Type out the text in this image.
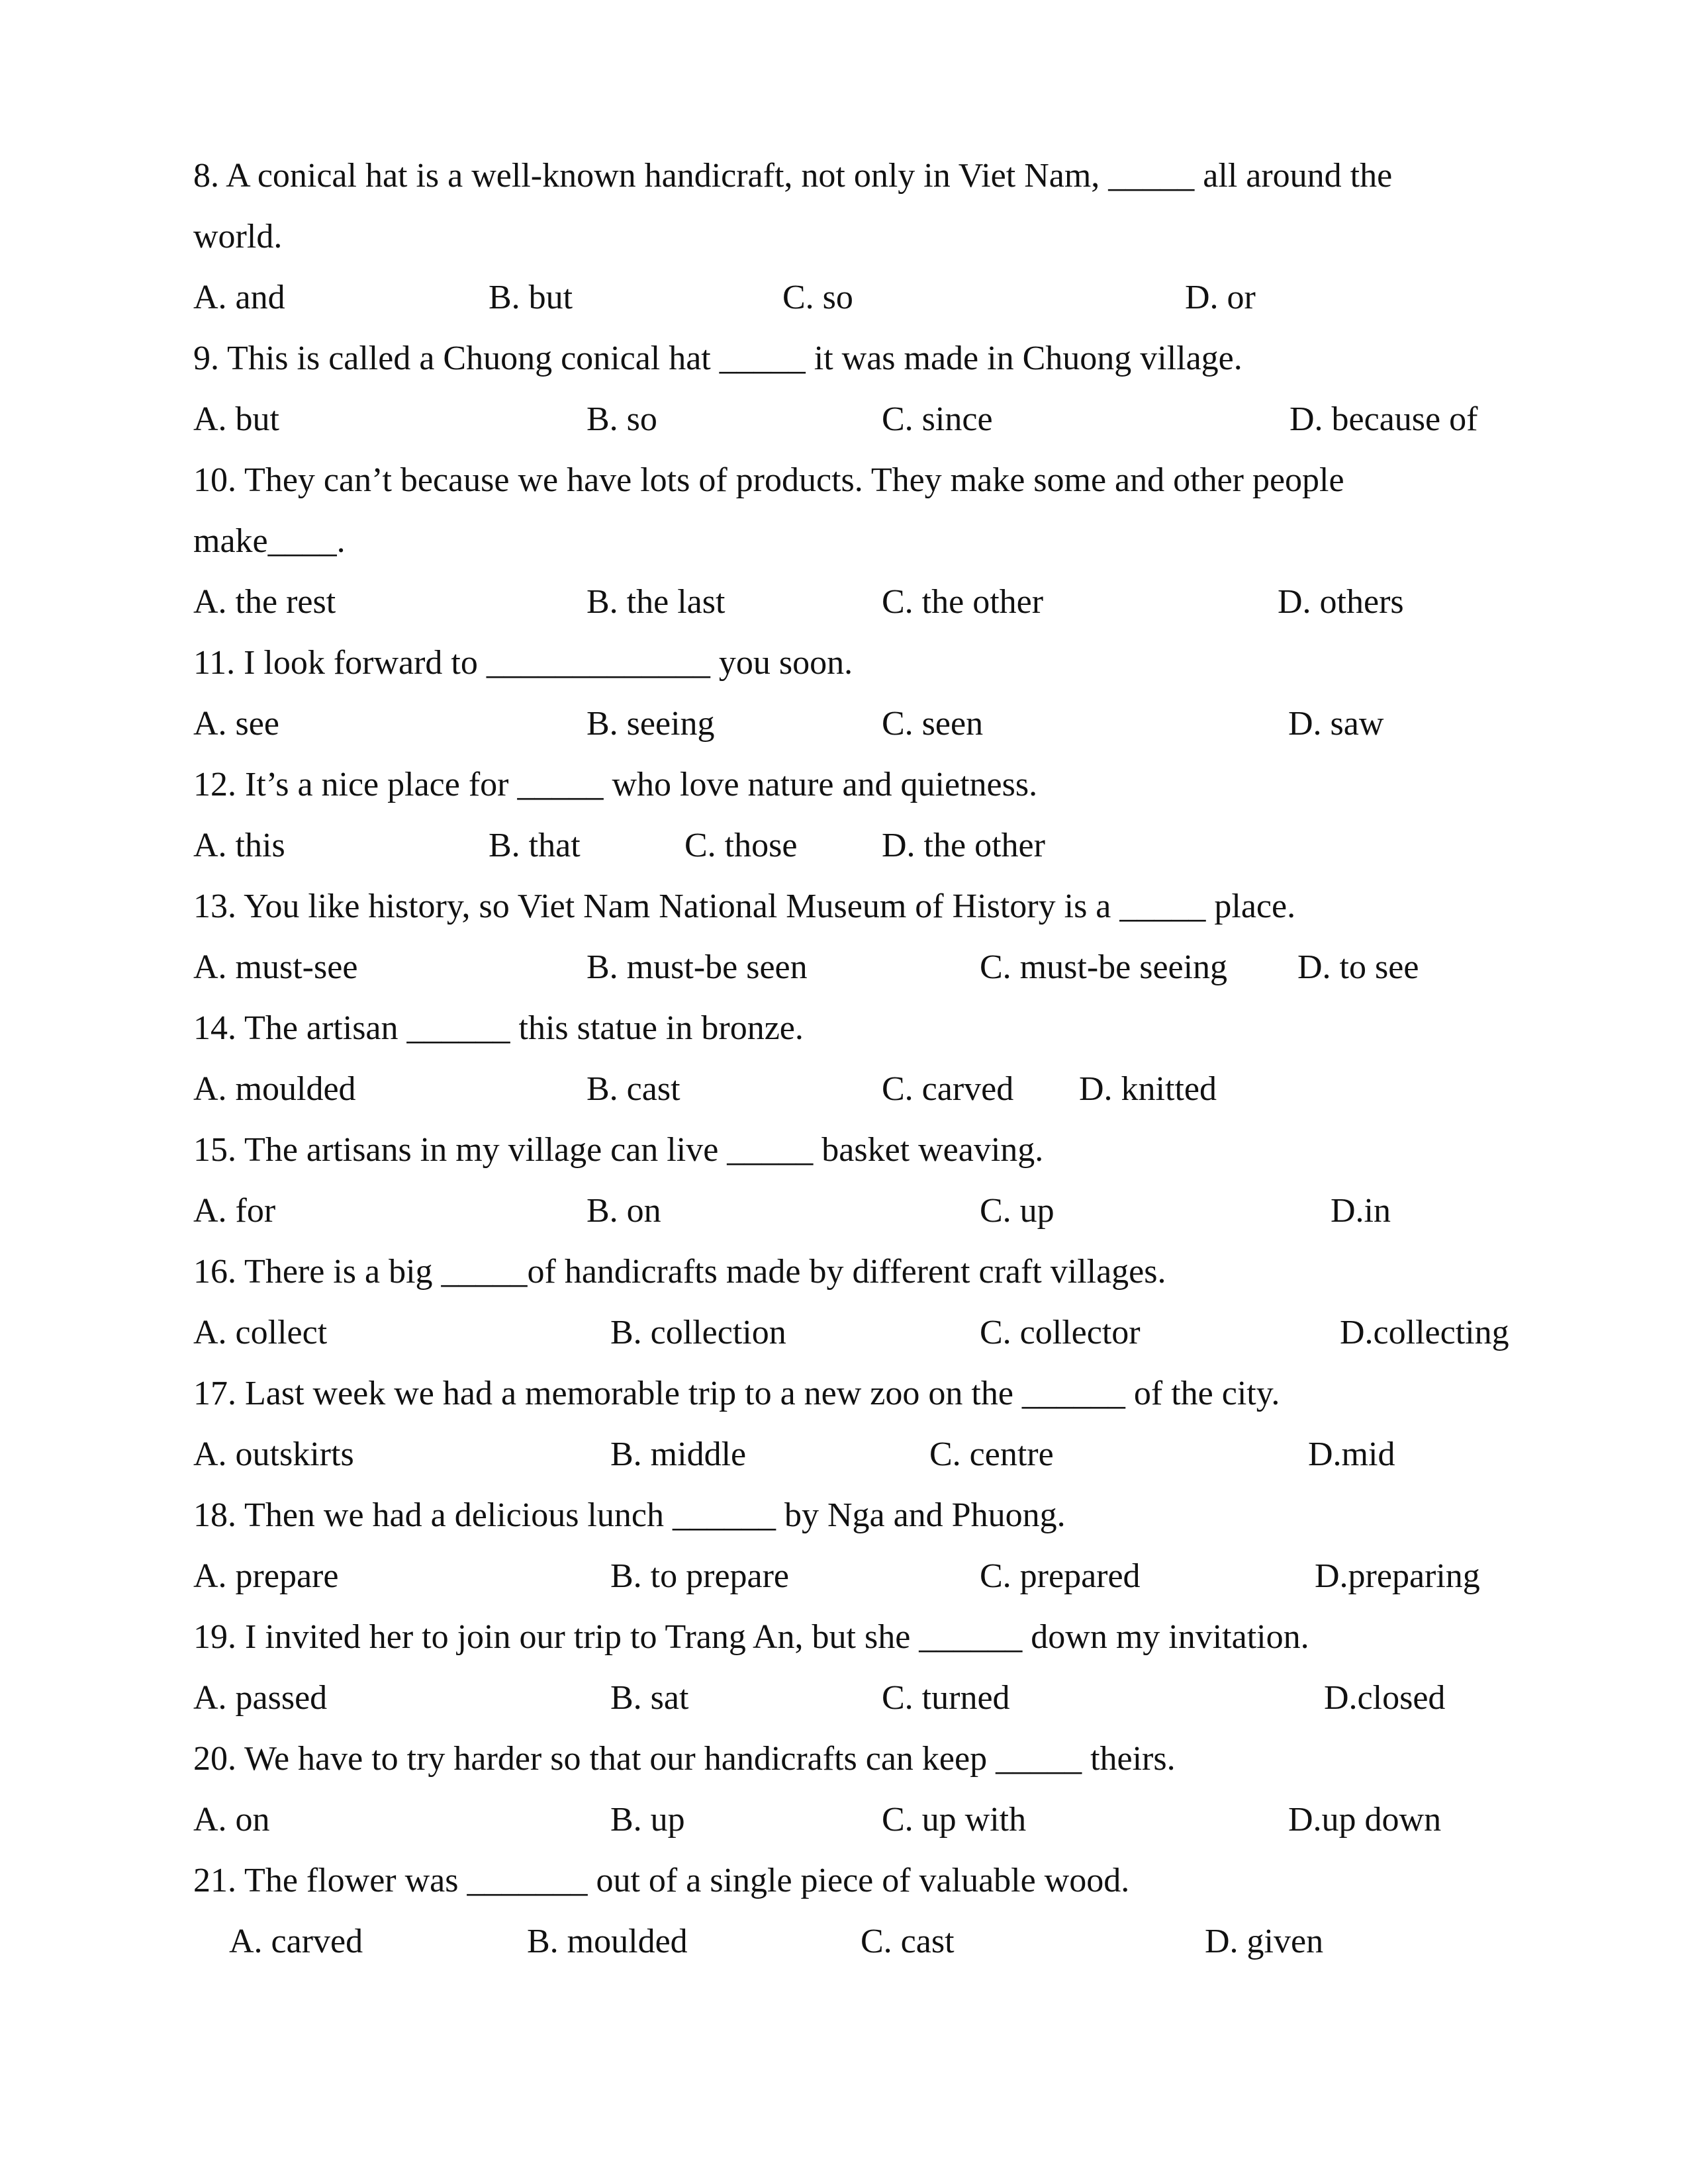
8. A conical hat is a well-known handicraft, not only in Viet Nam, _____ all around the
world.
A. and	B. but	C. so	D. or
9. This is called a Chuong conical hat _____ it was made in Chuong village.
A. but	B. so	C. since	D. because of
10. They can’t because we have lots of products. They make some and other people
make____.
A. the rest	B. the last	C. the other	D. others
11. I look forward to _____________ you soon.
A. see	B. seeing	C. seen	D. saw
12. It’s a nice place for _____ who love nature and quietness.
A. this	B. that	C. those D. the other
13. You like history, so Viet Nam National Museum of History is a _____ place.
A. must-see	B. must-be seen	C. must-be seeing D. to see
14. The artisan ______ this statue in bronze.
A. moulded	B. cast	C. carved D. knitted
15. The artisans in my village can live _____ basket weaving.
A. for	B. on	C. up	D.in
16. There is a big _____of handicrafts made by different craft villages.
A. collect	B. collection	C. collector	D.collecting
17. Last week we had a memorable trip to a new zoo on the ______ of the city.
A. outskirts	B. middle	C. centre	D.mid
18. Then we had a delicious lunch ______ by Nga and Phuong.
A. prepare	B. to prepare	C. prepared	D.preparing
19. I invited her to join our trip to Trang An, but she ______ down my invitation.
A. passed	B. sat	C. turned	D.closed
20. We have to try harder so that our handicrafts can keep _____ theirs.
A. on	B. up	C. up with	D.up down
21. The flower was _______ out of a single piece of valuable wood.
A. carved	B. moulded	C. cast	D. given
